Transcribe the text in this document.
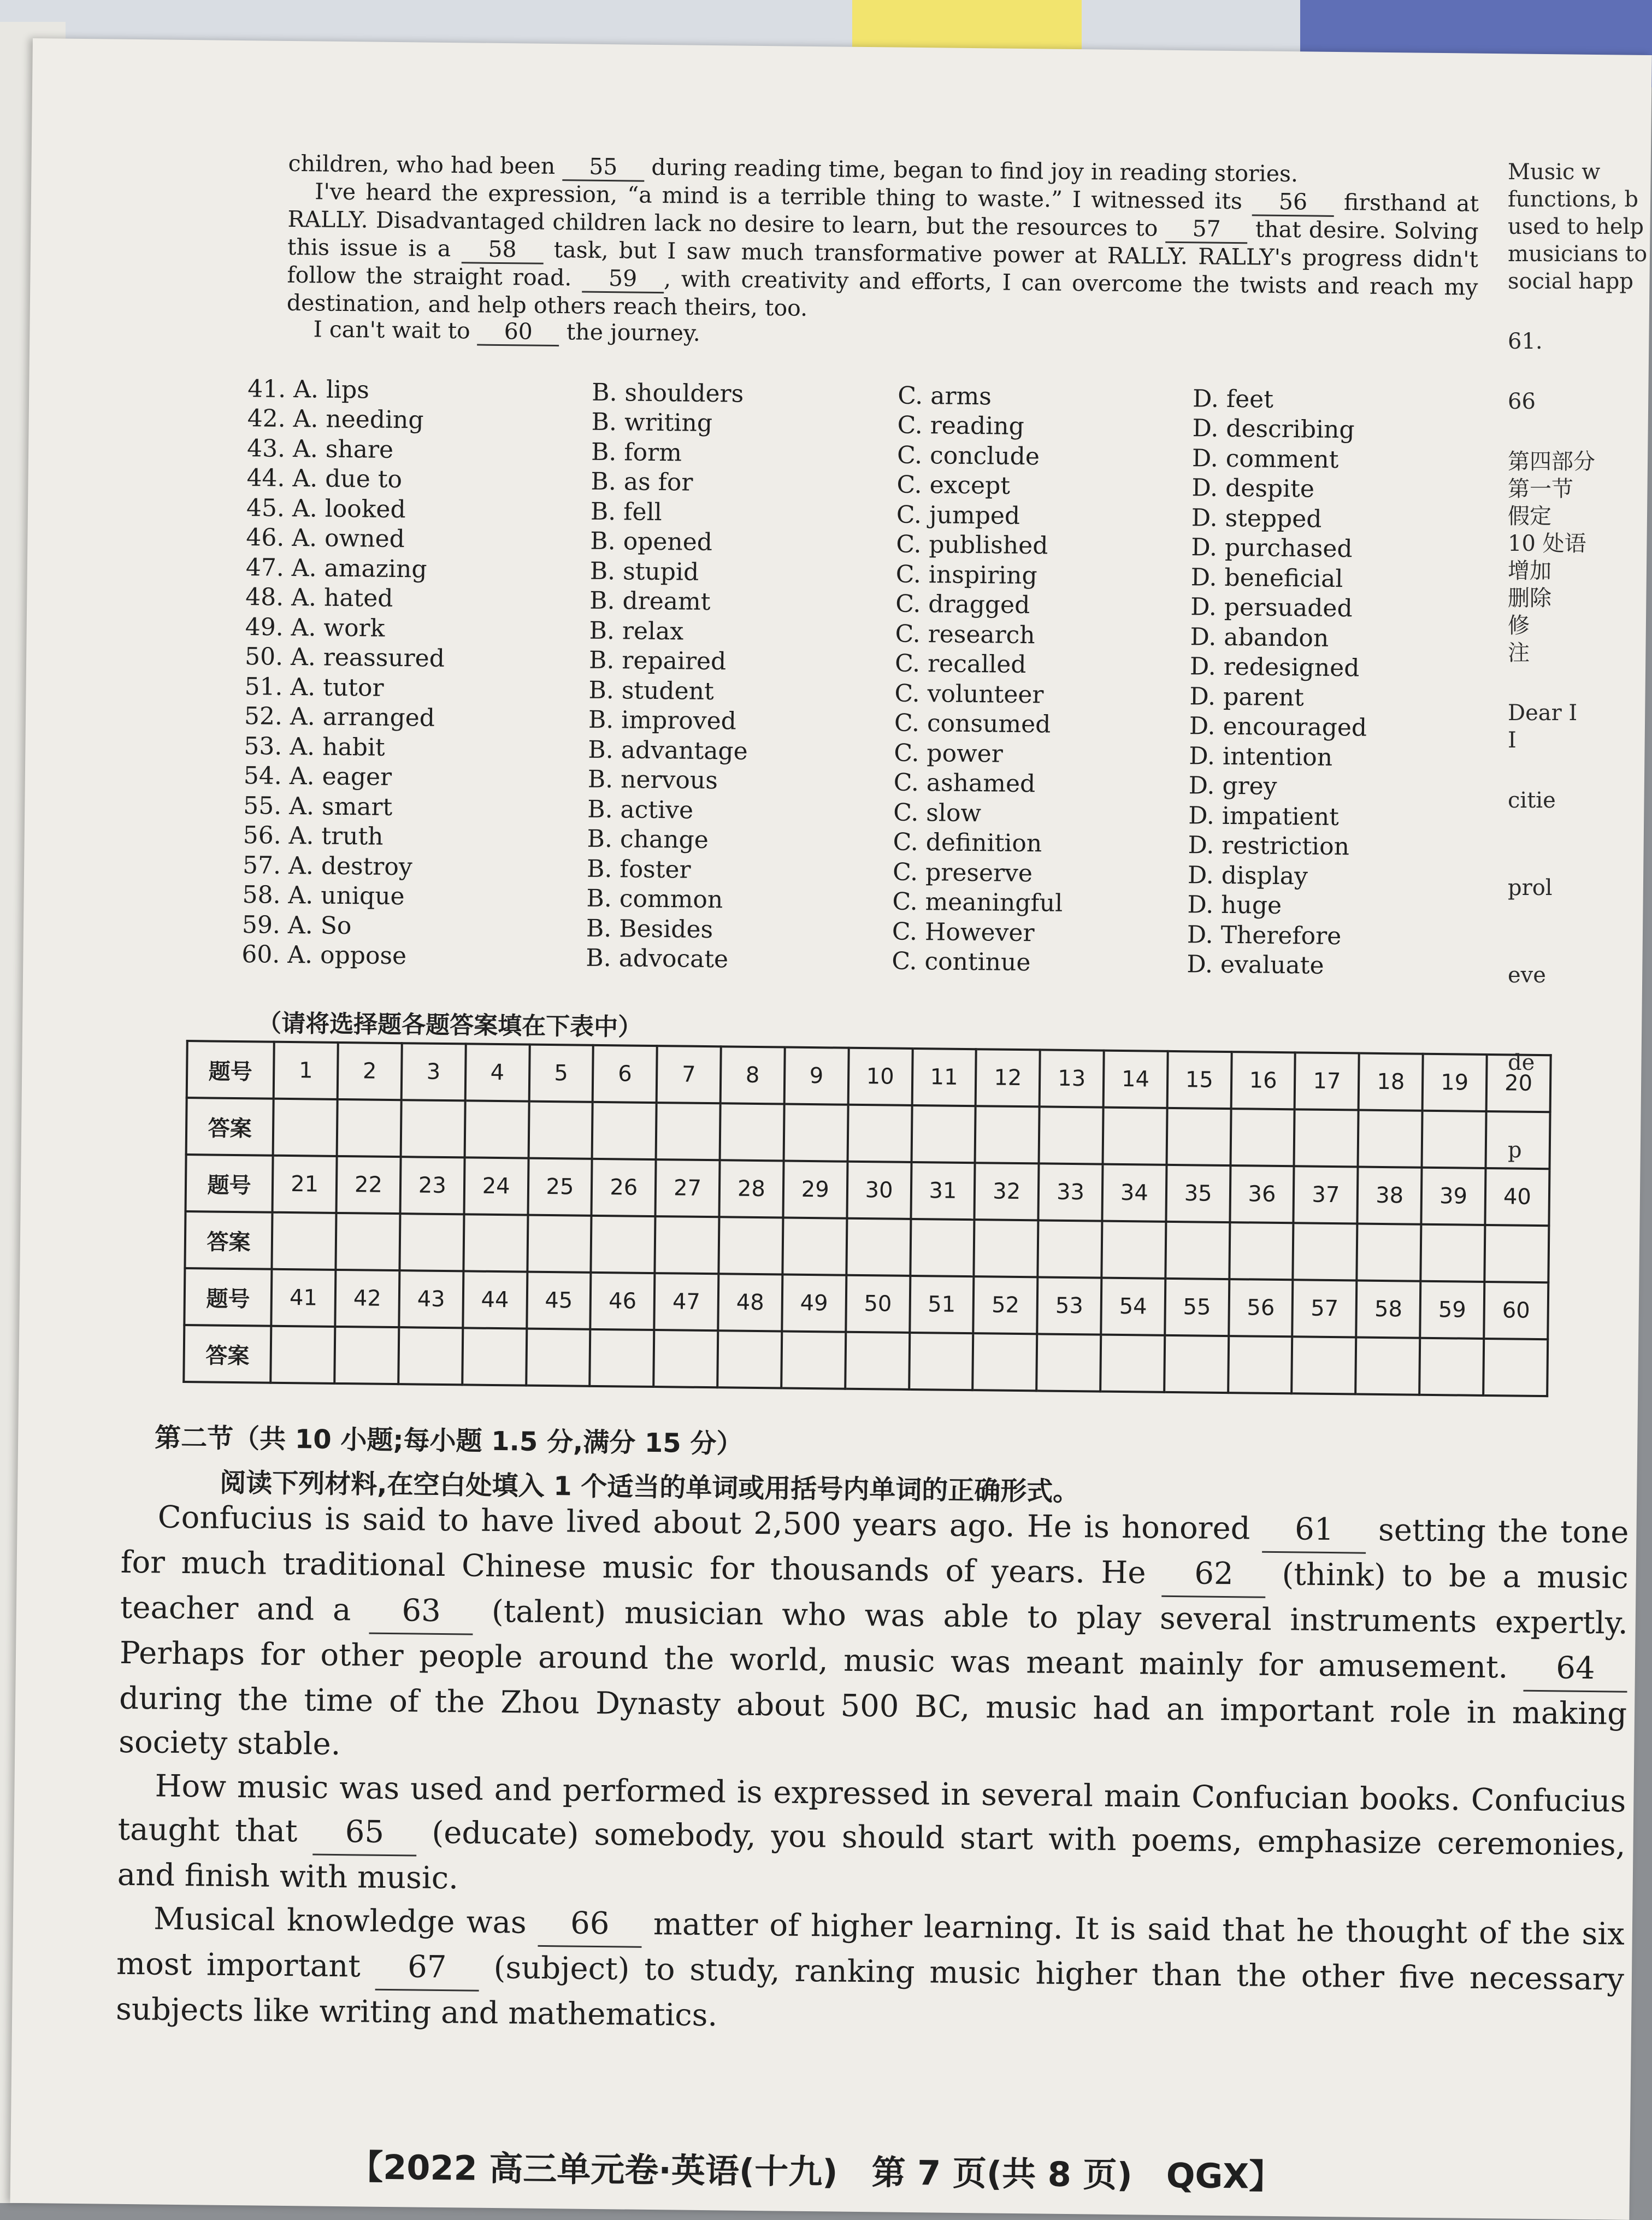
children, who had been 55 during reading time, began to find joy in reading stories.

I've heard the expression, “a mind is a terrible thing to waste.” I witnessed its 56 firsthand at RALLY. Disadvantaged children lack no desire to learn, but the resources to 57 that desire. Solving this issue is a 58 task, but I saw much transformative power at RALLY. RALLY's progress didn't follow the straight road. 59 , with creativity and efforts, I can overcome the twists and reach my destination, and help others reach theirs, too.

I can't wait to 60 the journey.

41. A. lips	B. shoulders	C. arms	D. feet
42. A. needing	B. writing	C. reading	D. describing
43. A. share	B. form	C. conclude	D. comment
44. A. due to	B. as for	C. except	D. despite
45. A. looked	B. fell	C. jumped	D. stepped
46. A. owned	B. opened	C. published	D. purchased
47. A. amazing	B. stupid	C. inspiring	D. beneficial
48. A. hated	B. dreamt	C. dragged	D. persuaded
49. A. work	B. relax	C. research	D. abandon
50. A. reassured	B. repaired	C. recalled	D. redesigned
51. A. tutor	B. student	C. volunteer	D. parent
52. A. arranged	B. improved	C. consumed	D. encouraged
53. A. habit	B. advantage	C. power	D. intention
54. A. eager	B. nervous	C. ashamed	D. grey
55. A. smart	B. active	C. slow	D. impatient
56. A. truth	B. change	C. definition	D. restriction
57. A. destroy	B. foster	C. preserve	D. display
58. A. unique	B. common	C. meaningful	D. huge
59. A. So	B. Besides	C. However	D. Therefore
60. A. oppose	B. advocate	C. continue	D. evaluate
（请将选择题各题答案填在下表中）
题号	1	2	3	4	5	6	7	8	9	10	11	12	13	14	15	16	17	18	19	20
答案																				
题号	21	22	23	24	25	26	27	28	29	30	31	32	33	34	35	36	37	38	39	40
答案																				
题号	41	42	43	44	45	46	47	48	49	50	51	52	53	54	55	56	57	58	59	60
答案																				
第二节（共 10 小题;每小题 1.5 分,满分 15 分）
阅读下列材料,在空白处填入 1 个适当的单词或用括号内单词的正确形式。

Confucius is said to have lived about 2,500 years ago. He is honored 61 setting the tone for much traditional Chinese music for thousands of years. He 62 (think) to be a music teacher and a 63 (talent) musician who was able to play several instruments expertly. Perhaps for other people around the world, music was meant mainly for amusement. 64 during the time of the Zhou Dynasty about 500 BC, music had an important role in making society stable.

How music was used and performed is expressed in several main Confucian books. Confucius taught that 65 (educate) somebody, you should start with poems, emphasize ceremonies, and finish with music.

Musical knowledge was 66 matter of higher learning. It is said that he thought of the six most important 67 (subject) to study, ranking music higher than the other five necessary subjects like writing and mathematics.

【2022 高三单元卷·英语(十九)　第 7 页(共 8 页)　QGX】
Music w
functions, b
used to help
musicians to
social happ
61.
66
第四部分
第一节
假定
10 处语
增加
删除
修
注
Dear I
I
citie
prol
eve
de
p
